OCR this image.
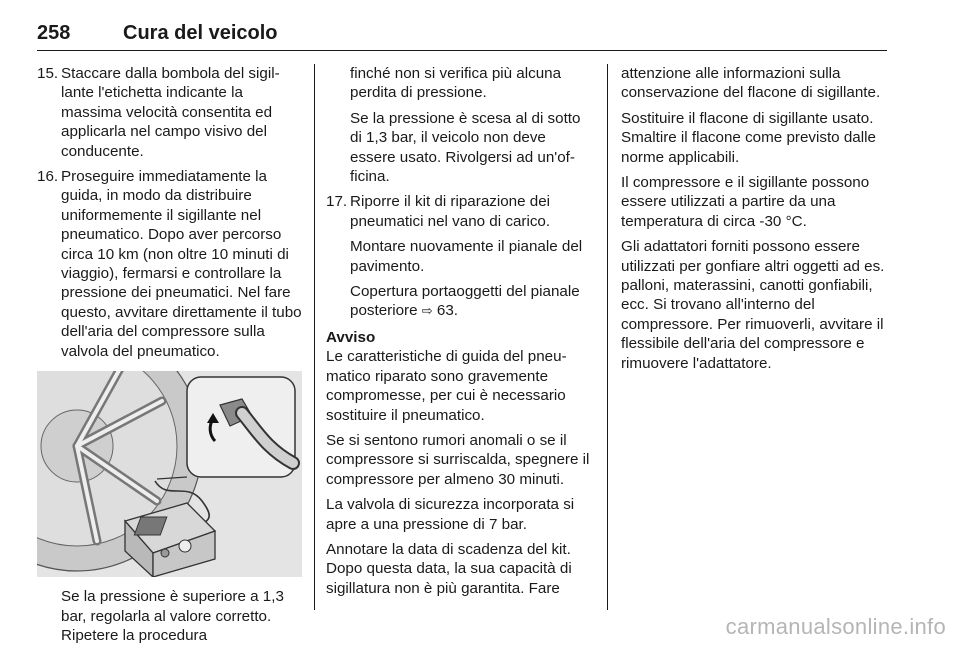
258	Cura del veicolo
15. Staccare dalla bombola del sigillante l'etichetta indicante la massima velocità consentita ed applicarla nel campo visivo del conducente.
16. Proseguire immediatamente la guida, in modo da distribuire uniformemente il sigillante nel pneumatico. Dopo aver percorso circa 10 km (non oltre 10 minuti di viaggio), fermarsi e controllare la pressione dei pneumatici. Nel fare questo, avvitare direttamente il tubo dell'aria del compressore sulla valvola del pneumatico.
Se la pressione è superiore a 1,3 bar, regolarla al valore corretto. Ripetere la procedura
finché non si verifica più alcuna perdita di pressione.
Se la pressione è scesa al di sotto di 1,3 bar, il veicolo non deve essere usato. Rivolgersi ad un'officina.
17. Riporre il kit di riparazione dei pneumatici nel vano di carico.
Montare nuovamente il pianale del pavimento.
Copertura portaoggetti del pianale posteriore ⇨ 63.
Avviso
Le caratteristiche di guida del pneumatico riparato sono gravemente compromesse, per cui è necessario sostituire il pneumatico.
Se si sentono rumori anomali o se il compressore si surriscalda, spegnere il compressore per almeno 30 minuti.
La valvola di sicurezza incorporata si apre a una pressione di 7 bar.
Annotare la data di scadenza del kit. Dopo questa data, la sua capacità di sigillatura non è più garantita. Fare
attenzione alle informazioni sulla conservazione del flacone di sigillante.
Sostituire il flacone di sigillante usato. Smaltire il flacone come previsto dalle norme applicabili.
Il compressore e il sigillante possono essere utilizzati a partire da una temperatura di circa -30 °C.
Gli adattatori forniti possono essere utilizzati per gonfiare altri oggetti ad es. palloni, materassini, canotti gonfiabili, ecc. Si trovano all'interno del compressore. Per rimuoverli, avvitare il flessibile dell'aria del compressore e rimuovere l'adattatore.
carmanualsonline.info
